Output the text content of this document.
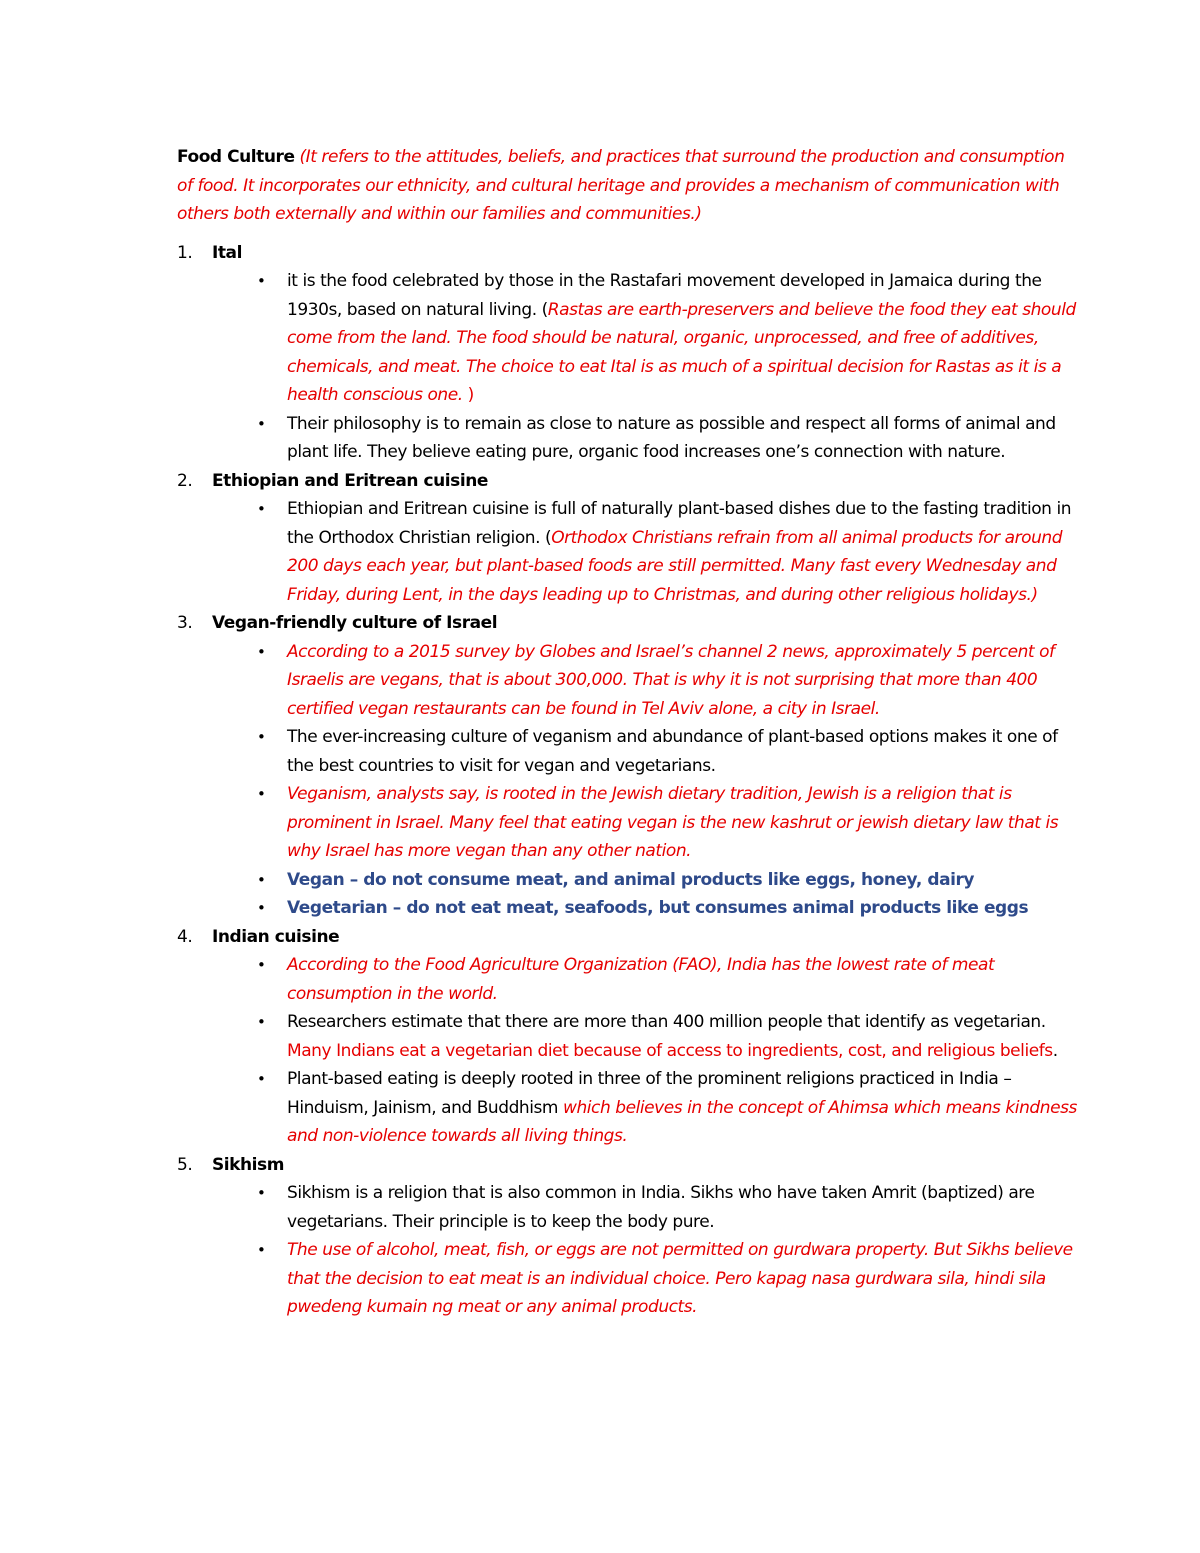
Food Culture (It refers to the attitudes, beliefs, and practices that surround the production and consumption of food. It incorporates our ethnicity, and cultural heritage and provides a mechanism of communication with others both externally and within our families and communities.)

1. Ital
•	it is the food celebrated by those in the Rastafari movement developed in Jamaica during the 1930s, based on natural living. (Rastas are earth-preservers and believe the food they eat should come from the land. The food should be natural, organic, unprocessed, and free of additives, chemicals, and meat. The choice to eat Ital is as much of a spiritual decision for Rastas as it is a health conscious one. )
•	Their philosophy is to remain as close to nature as possible and respect all forms of animal and plant life. They believe eating pure, organic food increases one’s connection with nature.
2. Ethiopian and Eritrean cuisine
•	Ethiopian and Eritrean cuisine is full of naturally plant-based dishes due to the fasting tradition in the Orthodox Christian religion. (Orthodox Christians refrain from all animal products for around 200 days each year, but plant-based foods are still permitted. Many fast every Wednesday and Friday, during Lent, in the days leading up to Christmas, and during other religious holidays.)
3. Vegan-friendly culture of Israel
•	According to a 2015 survey by Globes and Israel’s channel 2 news, approximately 5 percent of Israelis are vegans, that is about 300,000. That is why it is not surprising that more than 400 certified vegan restaurants can be found in Tel Aviv alone, a city in Israel.
•	The ever-increasing culture of veganism and abundance of plant-based options makes it one of the best countries to visit for vegan and vegetarians.
•	Veganism, analysts say, is rooted in the Jewish dietary tradition, Jewish is a religion that is prominent in Israel. Many feel that eating vegan is the new kashrut or jewish dietary law that is why Israel has more vegan than any other nation.
•	Vegan – do not consume meat, and animal products like eggs, honey, dairy
•	Vegetarian – do not eat meat, seafoods, but consumes animal products like eggs
4. Indian cuisine
•	According to the Food Agriculture Organization (FAO), India has the lowest rate of meat consumption in the world.
•	Researchers estimate that there are more than 400 million people that identify as vegetarian. Many Indians eat a vegetarian diet because of access to ingredients, cost, and religious beliefs.
•	Plant-based eating is deeply rooted in three of the prominent religions practiced in India – Hinduism, Jainism, and Buddhism which believes in the concept of Ahimsa which means kindness and non-violence towards all living things.
5. Sikhism
•	Sikhism is a religion that is also common in India. Sikhs who have taken Amrit (baptized) are vegetarians. Their principle is to keep the body pure.
•	The use of alcohol, meat, fish, or eggs are not permitted on gurdwara property. But Sikhs believe that the decision to eat meat is an individual choice. Pero kapag nasa gurdwara sila, hindi sila pwedeng kumain ng meat or any animal products.
